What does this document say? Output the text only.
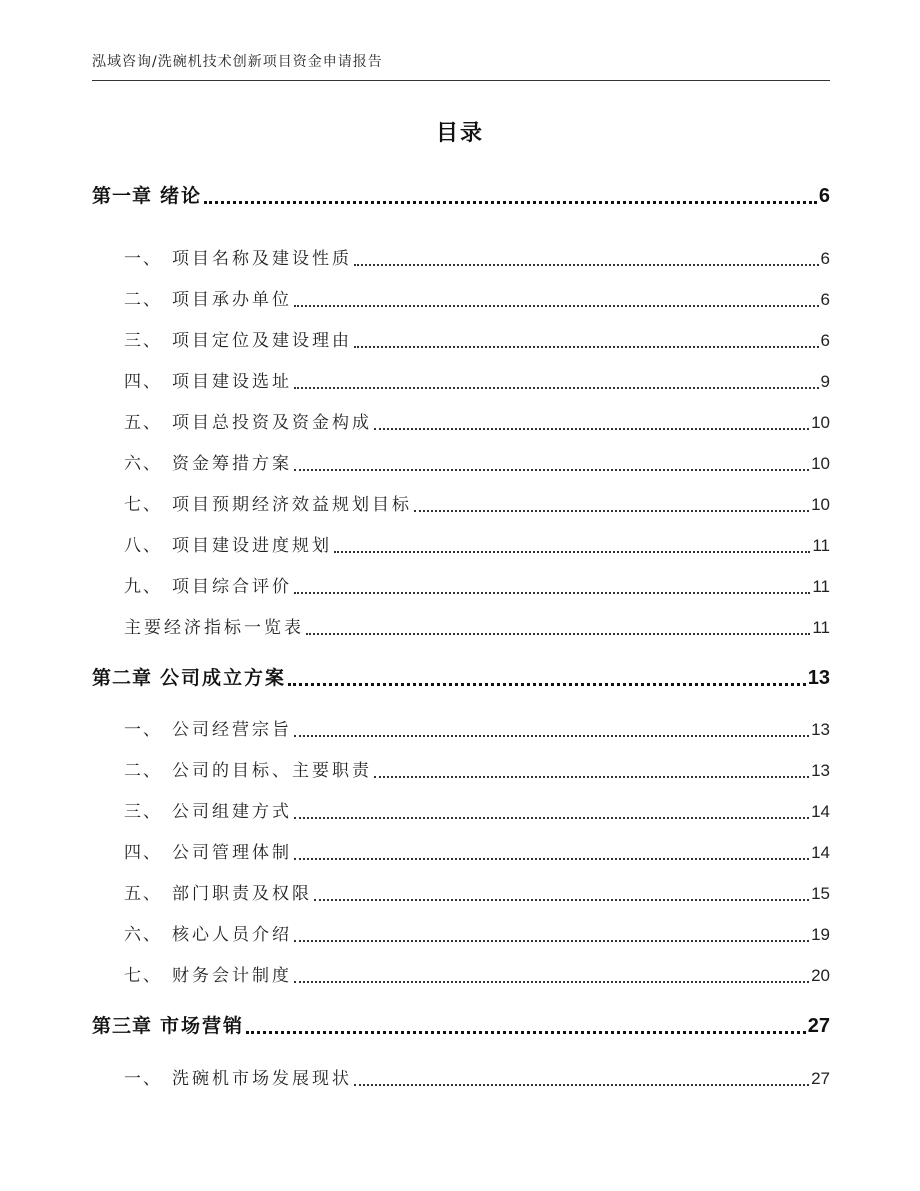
泓域咨询/洗碗机技术创新项目资金申请报告
目录
第一章 绪论	6
一、 项目名称及建设性质	6
二、 项目承办单位	6
三、 项目定位及建设理由	6
四、 项目建设选址	9
五、 项目总投资及资金构成	10
六、 资金筹措方案	10
七、 项目预期经济效益规划目标	10
八、 项目建设进度规划	11
九、 项目综合评价	11
主要经济指标一览表	11
第二章 公司成立方案	13
一、 公司经营宗旨	13
二、 公司的目标、主要职责	13
三、 公司组建方式	14
四、 公司管理体制	14
五、 部门职责及权限	15
六、 核心人员介绍	19
七、 财务会计制度	20
第三章 市场营销	27
一、 洗碗机市场发展现状	27
